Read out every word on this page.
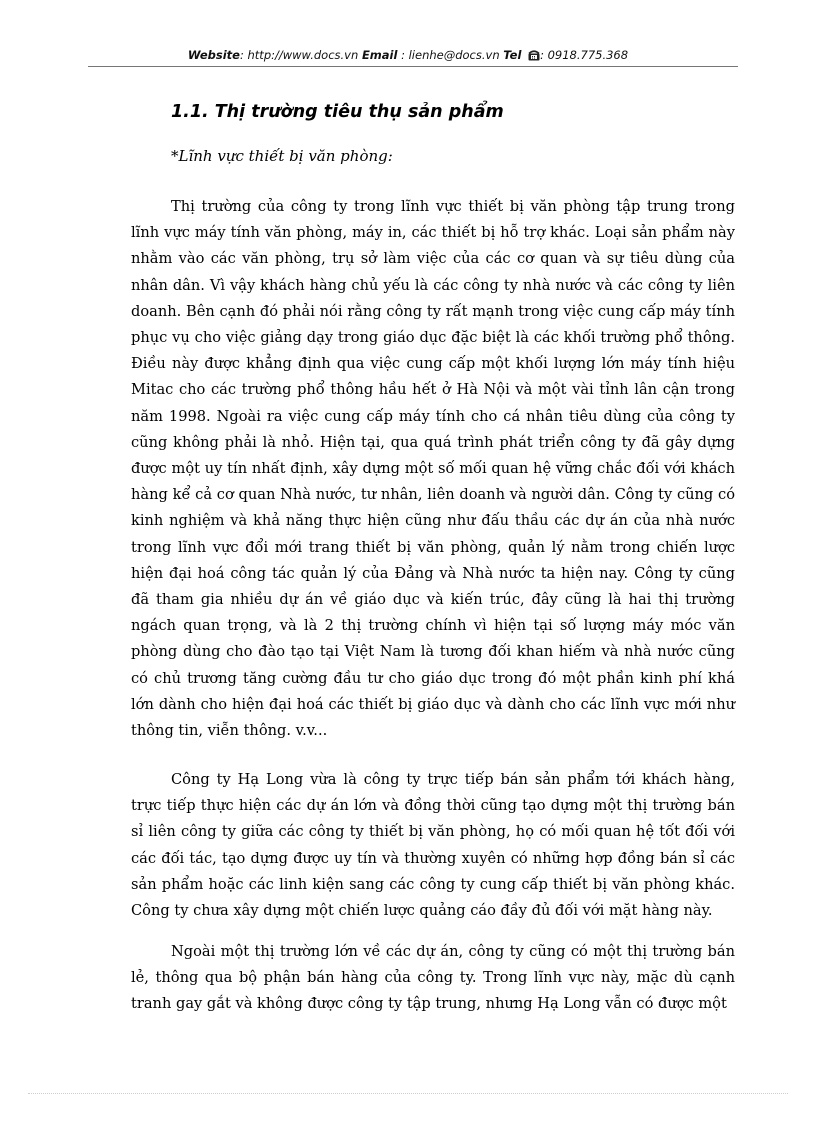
Website: http://www.docs.vn Email : lienhe@docs.vn Tel : 0918.775.368
1.1. Thị trường tiêu thụ sản phẩm
*Lĩnh vực thiết bị văn phòng:

Thị trường của công ty trong lĩnh vực thiết bị văn phòng tập trung trong lĩnh vực máy tính văn phòng, máy in, các thiết bị hỗ trợ khác. Loại sản phẩm này nhằm vào các văn phòng, trụ sở làm việc của các cơ quan và sự tiêu dùng của nhân dân. Vì vậy khách hàng chủ yếu là các công ty nhà nước và các công ty liên doanh. Bên cạnh đó phải nói rằng công ty rất mạnh trong việc cung cấp máy tính phục vụ cho việc giảng dạy trong giáo dục đặc biệt là các khối trường phổ thông. Điều này được khẳng định qua việc cung cấp một khối lượng lớn máy tính hiệu Mitac cho các trường phổ thông hầu hết ở Hà Nội và một vài tỉnh lân cận trong năm 1998. Ngoài ra việc cung cấp máy tính cho cá nhân tiêu dùng của công ty cũng không phải là nhỏ. Hiện tại, qua quá trình phát triển công ty đã gây dựng được một uy tín nhất định, xây dựng một số mối quan hệ vững chắc đối với khách hàng kể cả cơ quan Nhà nước, tư nhân, liên doanh và người dân. Công ty cũng có kinh nghiệm và khả năng thực hiện cũng như đấu thầu các dự án của nhà nước trong lĩnh vực đổi mới trang thiết bị văn phòng, quản lý nằm trong chiến lược hiện đại hoá công tác quản lý của Đảng và Nhà nước ta hiện nay. Công ty cũng đã tham gia nhiều dự án về giáo dục và kiến trúc, đây cũng là hai thị trường ngách quan trọng, và là 2 thị trường chính vì hiện tại số lượng máy móc văn phòng dùng cho đào tạo tại Việt Nam là tương đối khan hiếm và nhà nước cũng có chủ trương tăng cường đầu tư cho giáo dục trong đó một phần kinh phí khá lớn dành cho hiện đại hoá các thiết bị giáo dục và dành cho các lĩnh vực mới như thông tin, viễn thông. v.v...

Công ty Hạ Long vừa là công ty trực tiếp bán sản phẩm tới khách hàng, trực tiếp thực hiện các dự án lớn và đồng thời cũng tạo dựng một thị trường bán sỉ liên công ty giữa các công ty thiết bị văn phòng, họ có mối quan hệ tốt đối với các đối tác, tạo dựng được uy tín và thường xuyên có những hợp đồng bán sỉ các sản phẩm hoặc các linh kiện sang các công ty cung cấp thiết bị văn phòng khác. Công ty chưa xây dựng một chiến lược quảng cáo đầy đủ đối với mặt hàng này.

Ngoài một thị trường lớn về các dự án, công ty cũng có một thị trường bán lẻ, thông qua bộ phận bán hàng của công ty. Trong lĩnh vực này, mặc dù cạnh tranh gay gắt và không được công ty tập trung, nhưng Hạ Long vẫn có được một
